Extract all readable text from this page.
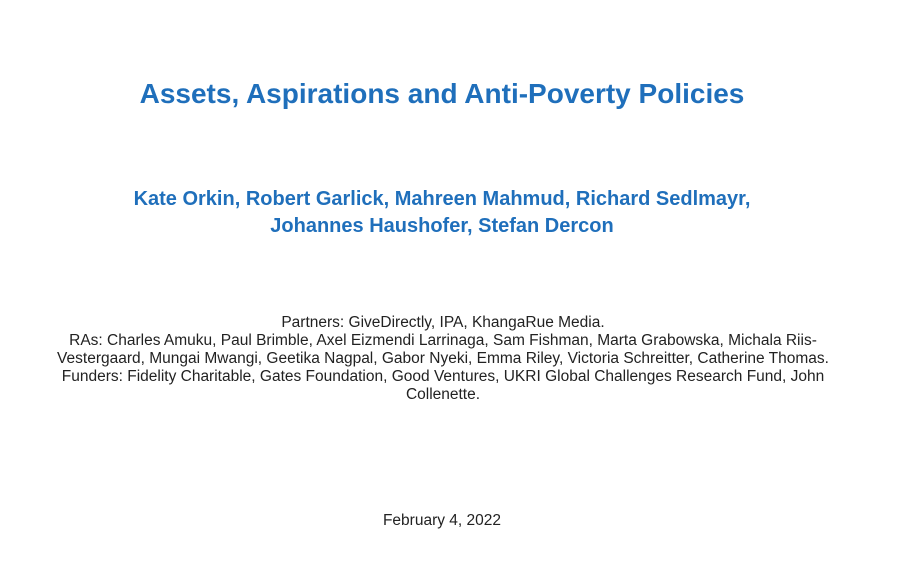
Assets, Aspirations and Anti-Poverty Policies
Kate Orkin, Robert Garlick, Mahreen Mahmud, Richard Sedlmayr,
Johannes Haushofer, Stefan Dercon

Partners: GiveDirectly, IPA, KhangaRue Media.

RAs: Charles Amuku, Paul Brimble, Axel Eizmendi Larrinaga, Sam Fishman, Marta Grabowska, Michala Riis-Vestergaard, Mungai Mwangi, Geetika Nagpal, Gabor Nyeki, Emma Riley, Victoria Schreitter, Catherine Thomas.

Funders: Fidelity Charitable, Gates Foundation, Good Ventures, UKRI Global Challenges Research Fund, John Collenette.

February 4, 2022
